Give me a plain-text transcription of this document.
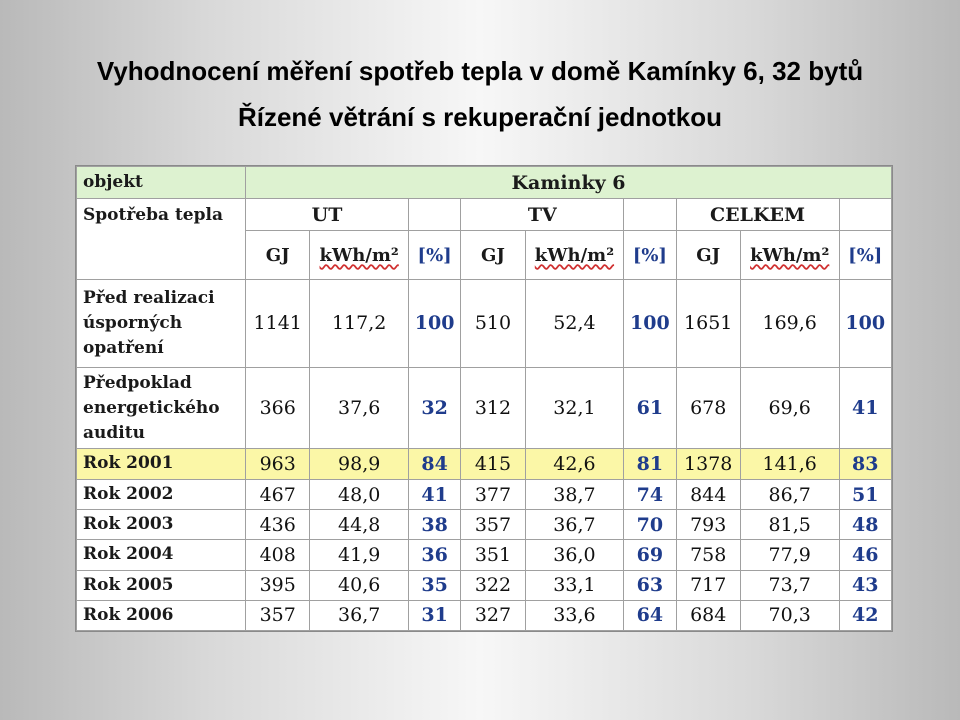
Vyhodnocení měření spotřeb tepla v domě Kamínky 6, 32 bytů
Řízené větrání s rekuperační jednotkou
objekt	Kaminky 6								
Spotřeba tepla	UT			TV			CELKEM		
	GJ	kWh/m²	[%]	GJ	kWh/m²	[%]	GJ	kWh/m²	[%]
Před realizaci úsporných opatření	1141	117,2	100	510	52,4	100	1651	169,6	100
Předpoklad energetického auditu	366	37,6	32	312	32,1	61	678	69,6	41
Rok 2001	963	98,9	84	415	42,6	81	1378	141,6	83
Rok 2002	467	48,0	41	377	38,7	74	844	86,7	51
Rok 2003	436	44,8	38	357	36,7	70	793	81,5	48
Rok 2004	408	41,9	36	351	36,0	69	758	77,9	46
Rok 2005	395	40,6	35	322	33,1	63	717	73,7	43
Rok 2006	357	36,7	31	327	33,6	64	684	70,3	42
